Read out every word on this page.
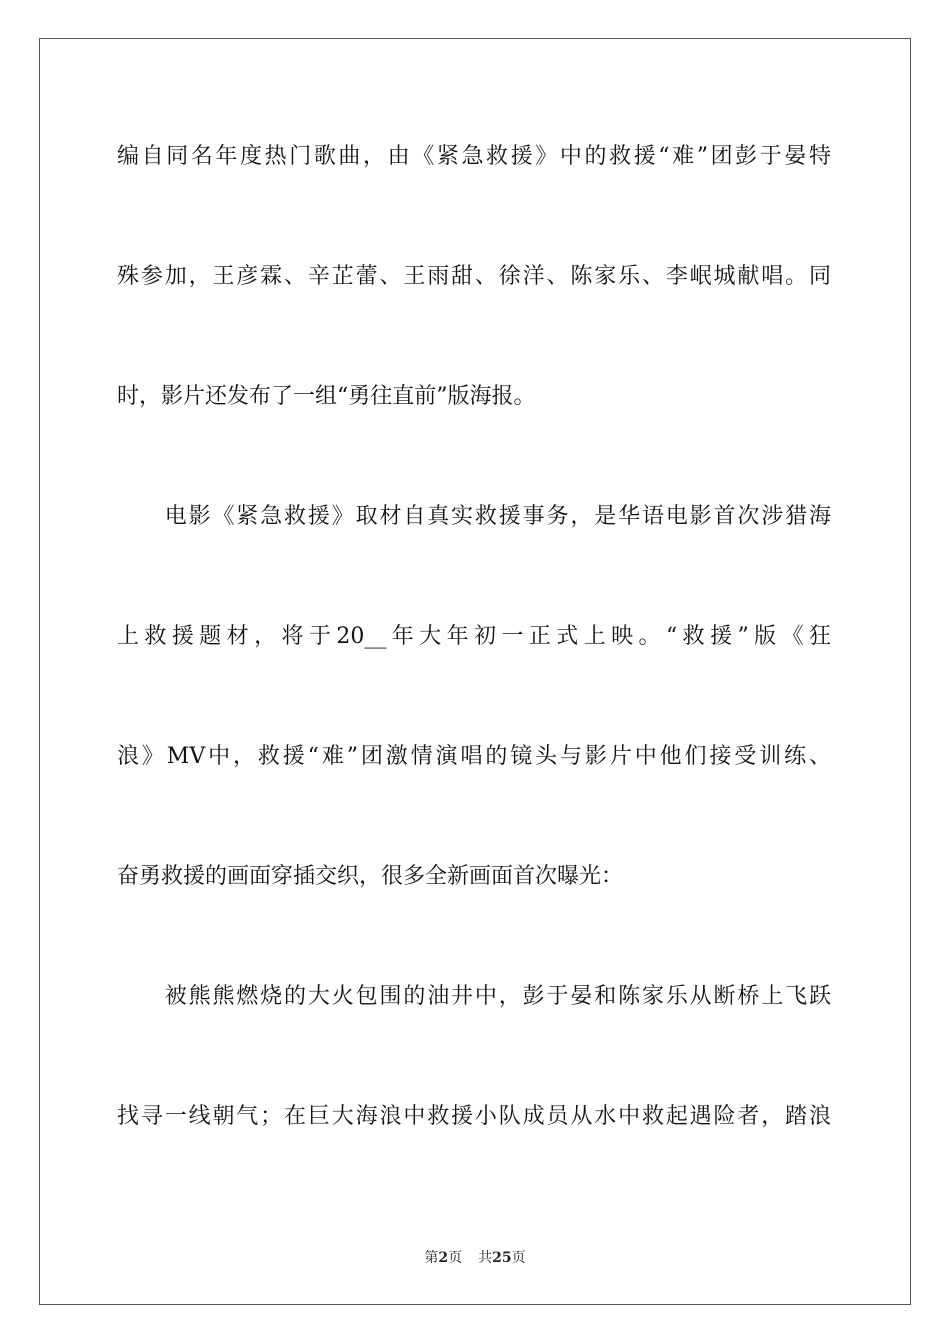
编自同名年度热门歌曲，由《紧急救援》中的救援“难”团彭于晏特
殊参加，王彦霖、辛芷蕾、王雨甜、徐洋、陈家乐、李岷城献唱。同
时，影片还发布了一组“勇往直前”版海报。
　　电影《紧急救援》取材自真实救援事务，是华语电影首次涉猎海
上救援题材，将于20__年大年初一正式上映。“救援”版《狂
浪》MV中，救援“难”团激情演唱的镜头与影片中他们接受训练、
奋勇救援的画面穿插交织，很多全新画面首次曝光：
　　被熊熊燃烧的大火包围的油井中，彭于晏和陈家乐从断桥上飞跃
找寻一线朝气；在巨大海浪中救援小队成员从水中救起遇险者，踏浪
第2页 共25页
